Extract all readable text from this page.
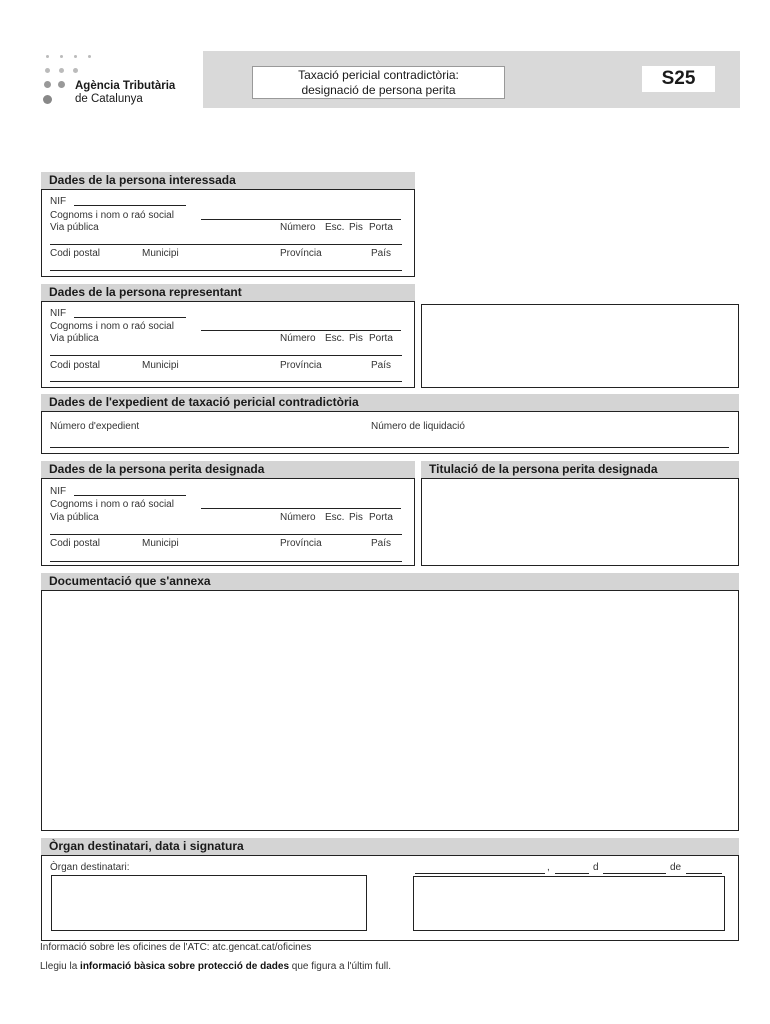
Agència Tributària
de Catalunya
Taxació pericial contradictòria:
designació de persona perita
S25
Dades de la persona interessada
NIF
Cognoms i nom o raó social
Via pública	Número Esc. Pis Porta
Codi postal	Municipi	Província	País
Dades de la persona representant
NIF
Cognoms i nom o raó social
Via pública	Número Esc. Pis Porta
Codi postal	Municipi	Província	País
Dades de l'expedient de taxació pericial contradictòria
Número d'expedient	Número de liquidació
Dades de la persona perita designada
NIF
Cognoms i nom o raó social
Via pública	Número Esc. Pis Porta
Codi postal	Municipi	Província	País
Titulació de la persona perita designada
Documentació que s'annexa
Òrgan destinatari, data i signatura
Òrgan destinatari:	,	d	de
Informació sobre les oficines de l'ATC: atc.gencat.cat/oficines
Llegiu la informació bàsica sobre protecció de dades que figura a l'últim full.
